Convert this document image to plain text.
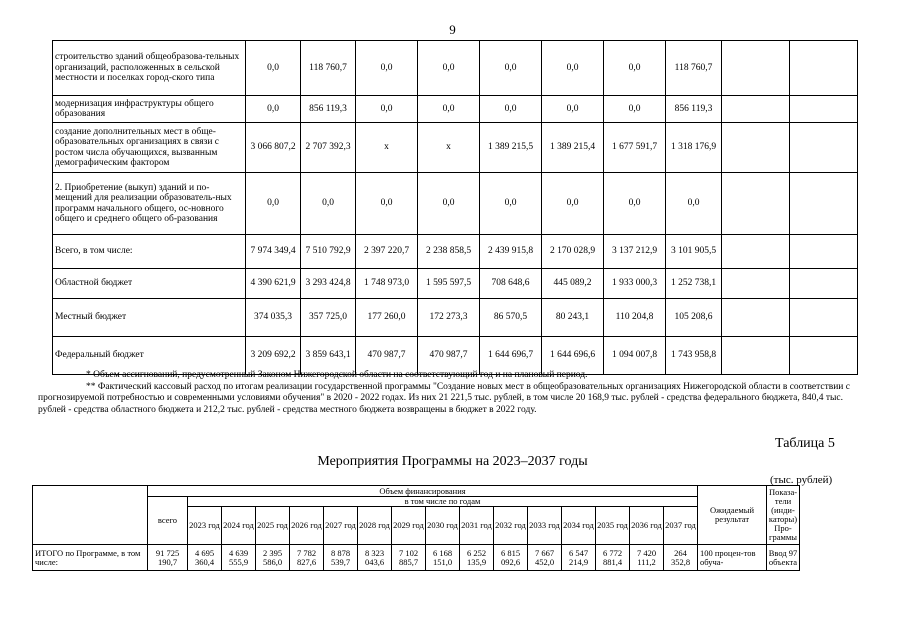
9
строительство зданий общеобразова-тельных организаций, расположенных в сельской местности и поселках город-ского типа	0,0	118 760,7	0,0	0,0	0,0	0,0	0,0	118 760,7		
модернизация инфраструктуры общего образования	0,0	856 119,3	0,0	0,0	0,0	0,0	0,0	856 119,3		
создание дополнительных мест в обще-образовательных организациях в связи с ростом числа обучающихся, вызванным демографическим фактором	3 066 807,2	2 707 392,3	х	х	1 389 215,5	1 389 215,4	1 677 591,7	1 318 176,9		
2. Приобретение (выкуп) зданий и по-мещений для реализации образователь-ных программ начального общего, ос-новного общего и среднего общего об-разования	0,0	0,0	0,0	0,0	0,0	0,0	0,0	0,0		
Всего, в том числе:	7 974 349,4	7 510 792,9	2 397 220,7	2 238 858,5	2 439 915,8	2 170 028,9	3 137 212,9	3 101 905,5		
Областной бюджет	4 390 621,9	3 293 424,8	1 748 973,0	1 595 597,5	708 648,6	445 089,2	1 933 000,3	1 252 738,1		
Местный бюджет	374 035,3	357 725,0	177 260,0	172 273,3	86 570,5	80 243,1	110 204,8	105 208,6		
Федеральный бюджет	3 209 692,2	3 859 643,1	470 987,7	470 987,7	1 644 696,7	1 644 696,6	1 094 007,8	1 743 958,8		

* Объем ассигнований, предусмотренный Законом Нижегородской области на соответствующий год и на плановый период.

** Фактический кассовый расход по итогам реализации государственной программы "Создание новых мест в общеобразовательных организациях Нижегородской области в соответствии с прогнозируемой потребностью и современными условиями обучения" в 2020 - 2022 годах. Из них 21 221,5 тыс. рублей, в том числе 20 168,9 тыс. рублей - средства федерального бюджета, 840,4 тыс. рублей - средства областного бюджета и 212,2 тыс. рублей - средства местного бюджета возвращены в бюджет в 2022 году.

Таблица 5
Мероприятия Программы на 2023–2037 годы
(тыс. рублей)
	Объем финансирования																Ожидаемый результат	Показа-тели (инди-каторы) Про-граммы
	всего	в том числе по годам																
		2023 год	2024 год	2025 год	2026 год	2027 год	2028 год	2029 год	2030 год	2031 год	2032 год	2033 год	2034 год	2035 год	2036 год	2037 год		
ИТОГО по Программе, в том числе:	91 725 190,7	4 695 360,4	4 639 555,9	2 395 586,0	7 782 827,6	8 878 539,7	8 323 043,6	7 102 885,7	6 168 151,0	6 252 135,9	6 815 092,6	7 667 452,0	6 547 214,9	6 772 881,4	7 420 111,2	264 352,8	100 процен-тов обуча-	Ввод 97 объекта
